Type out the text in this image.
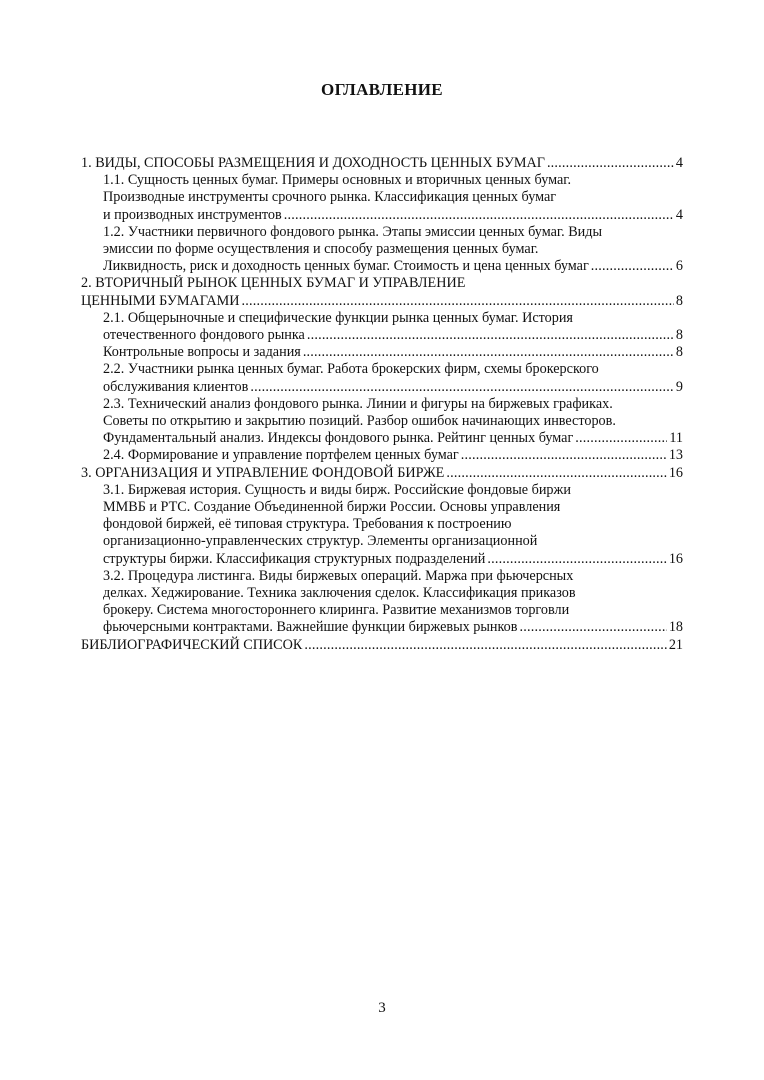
ОГЛАВЛЕНИЕ
1. ВИДЫ, СПОСОБЫ РАЗМЕЩЕНИЯ И ДОХОДНОСТЬ ЦЕННЫХ БУМАГ .....	4
1.1. Сущность ценных бумаг. Примеры основных и вторичных ценных бумаг.
Производные инструменты срочного рынка. Классификация ценных бумаг
и производных инструментов .....	4
1.2. Участники первичного фондового рынка. Этапы эмиссии ценных бумаг. Виды
эмиссии по форме осуществления и способу размещения ценных бумаг.
Ликвидность, риск и доходность ценных бумаг. Стоимость и цена ценных бумаг .....	6
2. ВТОРИЧНЫЙ РЫНОК ЦЕННЫХ БУМАГ И УПРАВЛЕНИЕ
ЦЕННЫМИ БУМАГАМИ .....	8
2.1. Общерыночные и специфические функции рынка ценных бумаг. История
отечественного фондового рынка .....	8
Контрольные вопросы и задания .....	8
2.2. Участники рынка ценных бумаг. Работа брокерских фирм, схемы брокерского
обслуживания клиентов .....	9
2.3. Технический анализ фондового рынка. Линии и фигуры на биржевых графиках.
Советы по открытию и закрытию позиций. Разбор ошибок начинающих инвесторов.
Фундаментальный анализ. Индексы фондового рынка. Рейтинг ценных бумаг .....	11
2.4. Формирование и управление портфелем ценных бумаг .....	13
3. ОРГАНИЗАЦИЯ И УПРАВЛЕНИЕ ФОНДОВОЙ БИРЖЕ .....	16
3.1. Биржевая история. Сущность и виды бирж. Российские фондовые биржи
ММВБ и РТС. Создание Объединенной биржи России. Основы управления
фондовой биржей, её типовая структура. Требования к построению
организационно-управленческих структур. Элементы организационной
структуры биржи. Классификация структурных подразделений .....	16
3.2. Процедура листинга. Виды биржевых операций. Маржа при фьючерсных
делках. Хеджирование. Техника заключения сделок. Классификация приказов
брокеру. Система многостороннего клиринга. Развитие механизмов торговли
фьючерсными контрактами. Важнейшие функции биржевых рынков .....	18
БИБЛИОГРАФИЧЕСКИЙ СПИСОК .....	21
3
